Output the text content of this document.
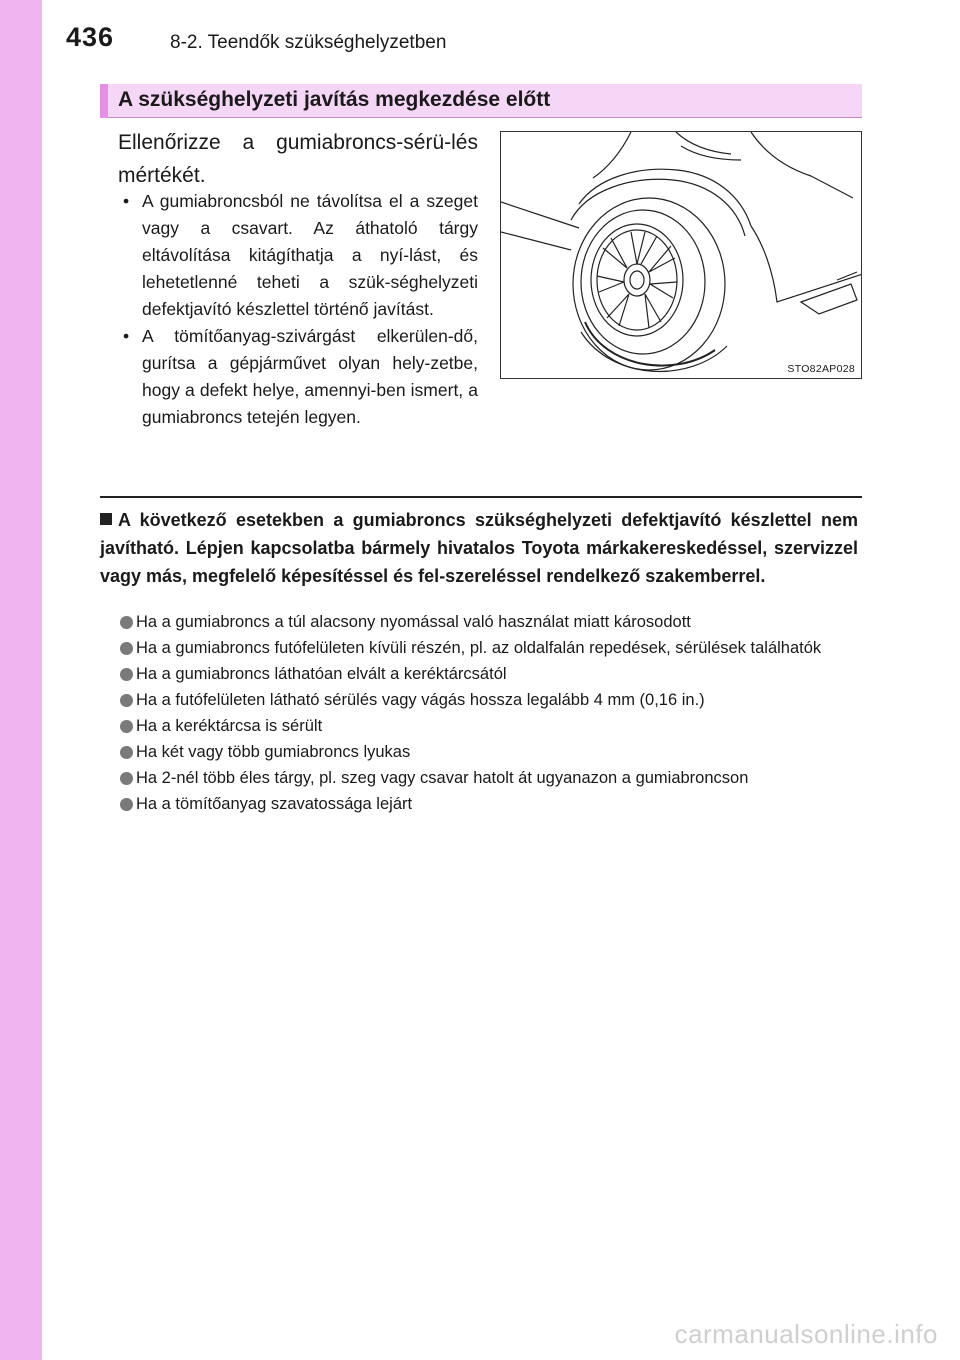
436	8-2. Teendők szükséghelyzetben
A szükséghelyzeti javítás megkezdése előtt
Ellenőrizze a gumiabroncs-sérü-lés mértékét.
• A gumiabroncsból ne távolítsa el a szeget vagy a csavart. Az áthatoló tárgy eltávolítása kitágíthatja a nyí-lást, és lehetetlenné teheti a szük-séghelyzeti defektjavító készlettel történő javítást.
• A tömítőanyag-szivárgást elkerülen-dő, gurítsa a gépjárművet olyan hely-zetbe, hogy a defekt helye, amennyi-ben ismert, a gumiabroncs tetején legyen.
STO82AP028
A következő esetekben a gumiabroncs szükséghelyzeti defektjavító készlettel nem javítható. Lépjen kapcsolatba bármely hivatalos Toyota márkakereskedéssel, szervizzel vagy más, megfelelő képesítéssel és fel-szereléssel rendelkező szakemberrel.
Ha a gumiabroncs a túl alacsony nyomással való használat miatt károsodott
Ha a gumiabroncs futófelületen kívüli részén, pl. az oldalfalán repedések, sérülések találhatók
Ha a gumiabroncs láthatóan elvált a keréktárcsától
Ha a futófelületen látható sérülés vagy vágás hossza legalább 4 mm (0,16 in.)
Ha a keréktárcsa is sérült
Ha két vagy több gumiabroncs lyukas
Ha 2-nél több éles tárgy, pl. szeg vagy csavar hatolt át ugyanazon a gumiabroncson
Ha a tömítőanyag szavatossága lejárt
carmanualsonline.info
